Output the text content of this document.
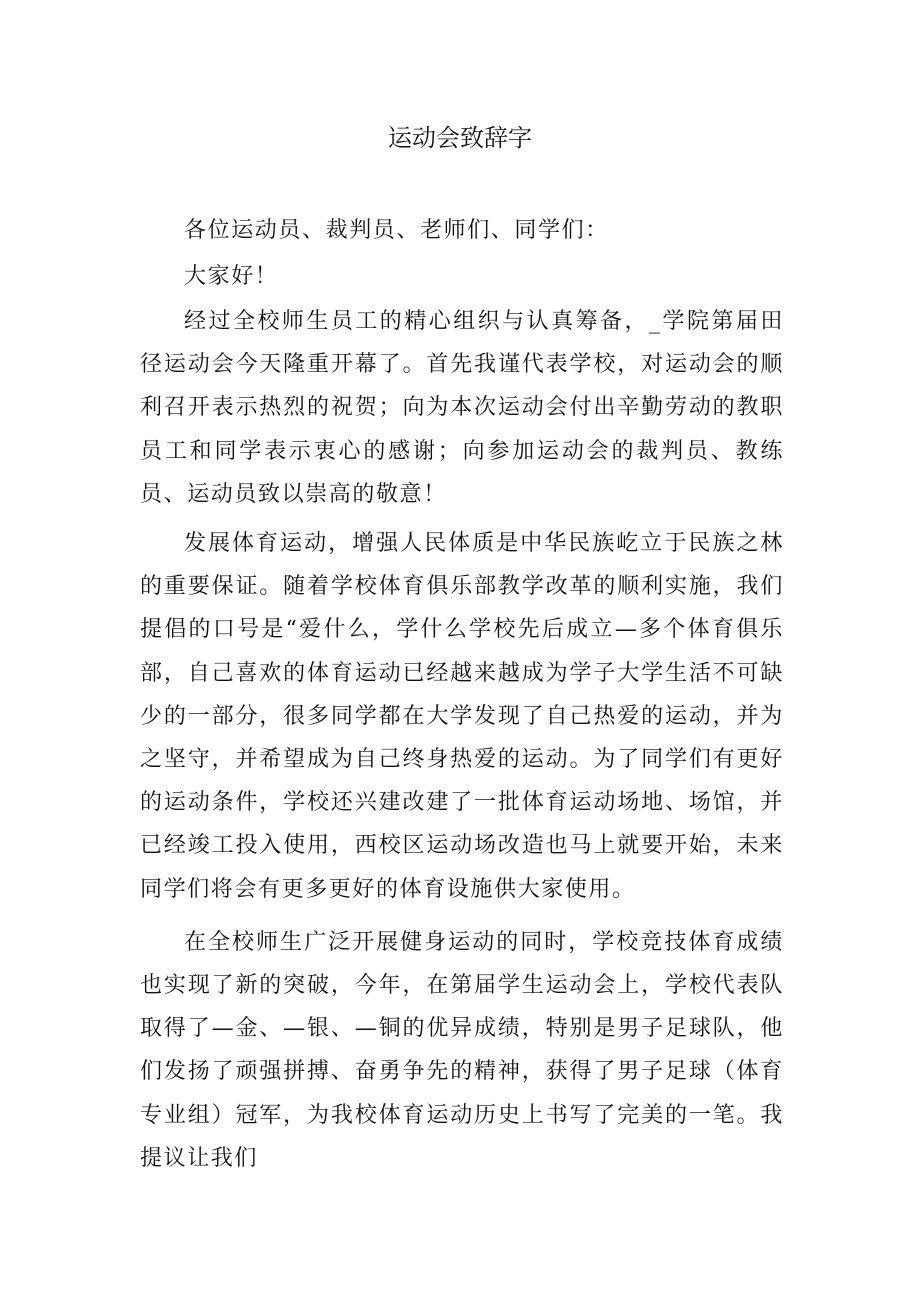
运动会致辞字

各位运动员、裁判员、老师们、同学们：

大家好！

经过全校师生员工的精心组织与认真筹备，_学院第届田径运动会今天隆重开幕了。首先我谨代表学校，对运动会的顺利召开表示热烈的祝贺；向为本次运动会付出辛勤劳动的教职员工和同学表示衷心的感谢；向参加运动会的裁判员、教练员、运动员致以崇高的敬意！

发展体育运动，增强人民体质是中华民族屹立于民族之林的重要保证。随着学校体育俱乐部教学改革的顺利实施，我们提倡的口号是“爱什么，学什么学校先后成立—多个体育俱乐部，自己喜欢的体育运动已经越来越成为学子大学生活不可缺少的一部分，很多同学都在大学发现了自己热爱的运动，并为之坚守，并希望成为自己终身热爱的运动。为了同学们有更好的运动条件，学校还兴建改建了一批体育运动场地、场馆，并已经竣工投入使用，西校区运动场改造也马上就要开始，未来同学们将会有更多更好的体育设施供大家使用。

在全校师生广泛开展健身运动的同时，学校竞技体育成绩也实现了新的突破，今年，在第届学生运动会上，学校代表队取得了—金、—银、—铜的优异成绩，特别是男子足球队，他们发扬了顽强拼搏、奋勇争先的精神，获得了男子足球（体育专业组）冠军，为我校体育运动历史上书写了完美的一笔。我提议让我们
